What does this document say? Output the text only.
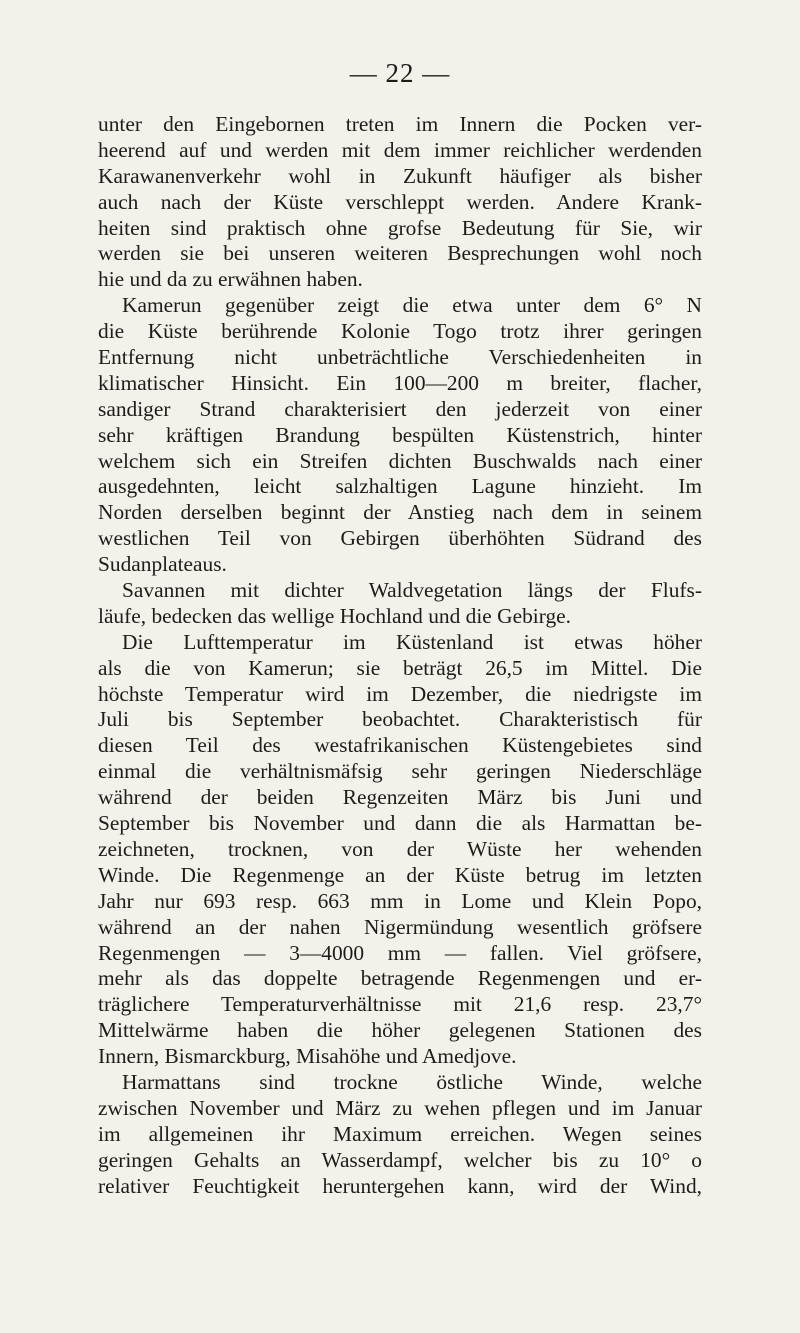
— 22 —
unter den Eingebornen treten im Innern die Pocken ver-
heerend auf und werden mit dem immer reichlicher werdenden
Karawanenverkehr wohl in Zukunft häufiger als bisher
auch nach der Küste verschleppt werden. Andere Krank-
heiten sind praktisch ohne grofse Bedeutung für Sie, wir
werden sie bei unseren weiteren Besprechungen wohl noch
hie und da zu erwähnen haben.
Kamerun gegenüber zeigt die etwa unter dem 6° N
die Küste berührende Kolonie Togo trotz ihrer geringen
Entfernung nicht unbeträchtliche Verschiedenheiten in
klimatischer Hinsicht. Ein 100—200 m breiter, flacher,
sandiger Strand charakterisiert den jederzeit von einer
sehr kräftigen Brandung bespülten Küstenstrich, hinter
welchem sich ein Streifen dichten Buschwalds nach einer
ausgedehnten, leicht salzhaltigen Lagune hinzieht. Im
Norden derselben beginnt der Anstieg nach dem in seinem
westlichen Teil von Gebirgen überhöhten Südrand des
Sudanplateaus.
Savannen mit dichter Waldvegetation längs der Flufs-
läufe, bedecken das wellige Hochland und die Gebirge.
Die Lufttemperatur im Küstenland ist etwas höher
als die von Kamerun; sie beträgt 26,5 im Mittel. Die
höchste Temperatur wird im Dezember, die niedrigste im
Juli bis September beobachtet. Charakteristisch für
diesen Teil des westafrikanischen Küstengebietes sind
einmal die verhältnismäfsig sehr geringen Niederschläge
während der beiden Regenzeiten März bis Juni und
September bis November und dann die als Harmattan be-
zeichneten, trocknen, von der Wüste her wehenden
Winde. Die Regenmenge an der Küste betrug im letzten
Jahr nur 693 resp. 663 mm in Lome und Klein Popo,
während an der nahen Nigermündung wesentlich gröfsere
Regenmengen — 3—4000 mm — fallen. Viel gröfsere,
mehr als das doppelte betragende Regenmengen und er-
träglichere Temperaturverhältnisse mit 21,6 resp. 23,7°
Mittelwärme haben die höher gelegenen Stationen des
Innern, Bismarckburg, Misahöhe und Amedjove.
Harmattans sind trockne östliche Winde, welche
zwischen November und März zu wehen pflegen und im Januar
im allgemeinen ihr Maximum erreichen. Wegen seines
geringen Gehalts an Wasserdampf, welcher bis zu 10° o
relativer Feuchtigkeit heruntergehen kann, wird der Wind,
